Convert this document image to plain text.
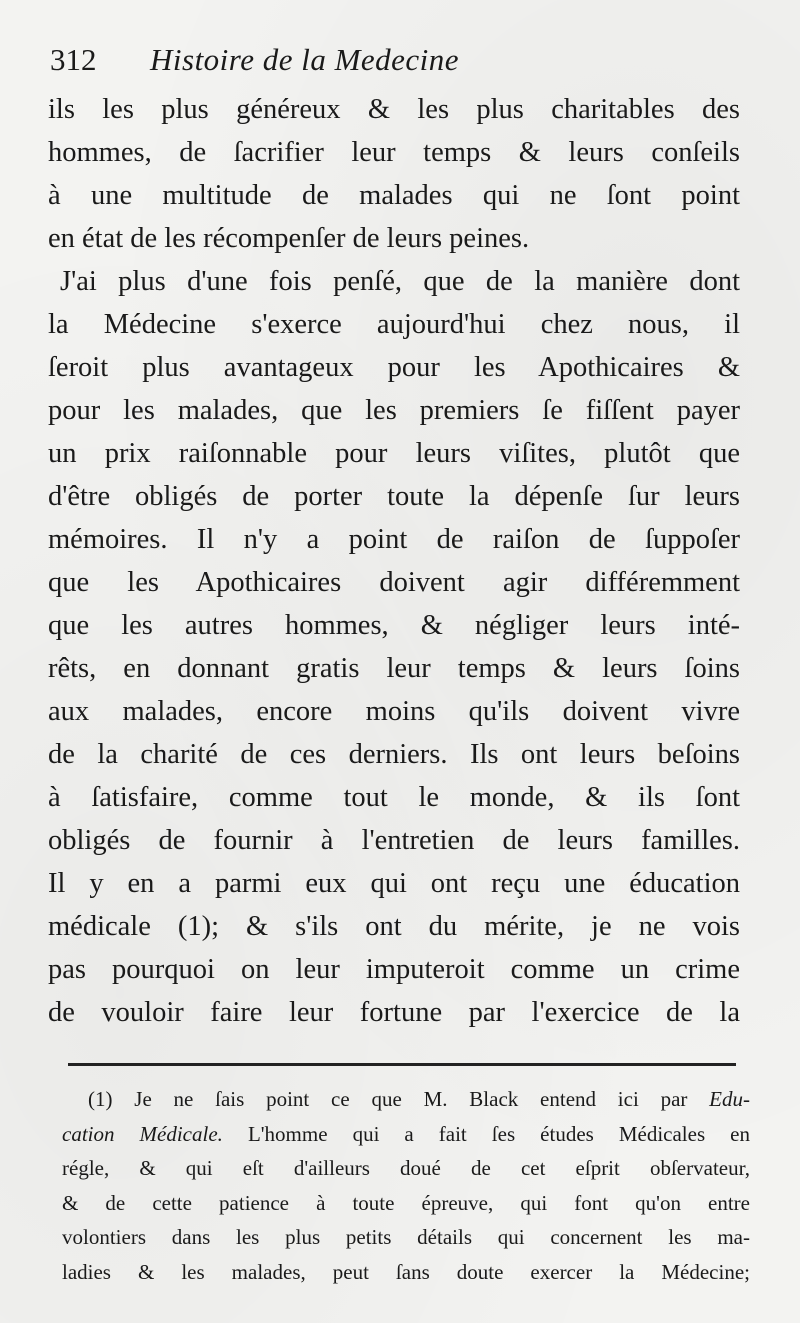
312 Histoire de la Medecine
ils les plus généreux & les plus charitables des
hommes, de ſacrifier leur temps & leurs conſeils
à une multitude de malades qui ne ſont point
en état de les récompenſer de leurs peines.
J'ai plus d'une fois penſé, que de la manière dont
la Médecine s'exerce aujourd'hui chez nous, il
ſeroit plus avantageux pour les Apothicaires &
pour les malades, que les premiers ſe fiſſent payer
un prix raiſonnable pour leurs viſites, plutôt que
d'être obligés de porter toute la dépenſe ſur leurs
mémoires. Il n'y a point de raiſon de ſuppoſer
que les Apothicaires doivent agir différemment
que les autres hommes, & négliger leurs inté-
rêts, en donnant gratis leur temps & leurs ſoins
aux malades, encore moins qu'ils doivent vivre
de la charité de ces derniers. Ils ont leurs beſoins
à ſatisfaire, comme tout le monde, & ils ſont
obligés de fournir à l'entretien de leurs familles.
Il y en a parmi eux qui ont reçu une éducation
médicale (1); & s'ils ont du mérite, je ne vois
pas pourquoi on leur imputeroit comme un crime
de vouloir faire leur fortune par l'exercice de la
(1) Je ne ſais point ce que M. Black entend ici par Edu-
cation Médicale. L'homme qui a fait ſes études Médicales en
régle, & qui eſt d'ailleurs doué de cet eſprit obſervateur,
& de cette patience à toute épreuve, qui font qu'on entre
volontiers dans les plus petits détails qui concernent les ma-
ladies & les malades, peut ſans doute exercer la Médecine;
